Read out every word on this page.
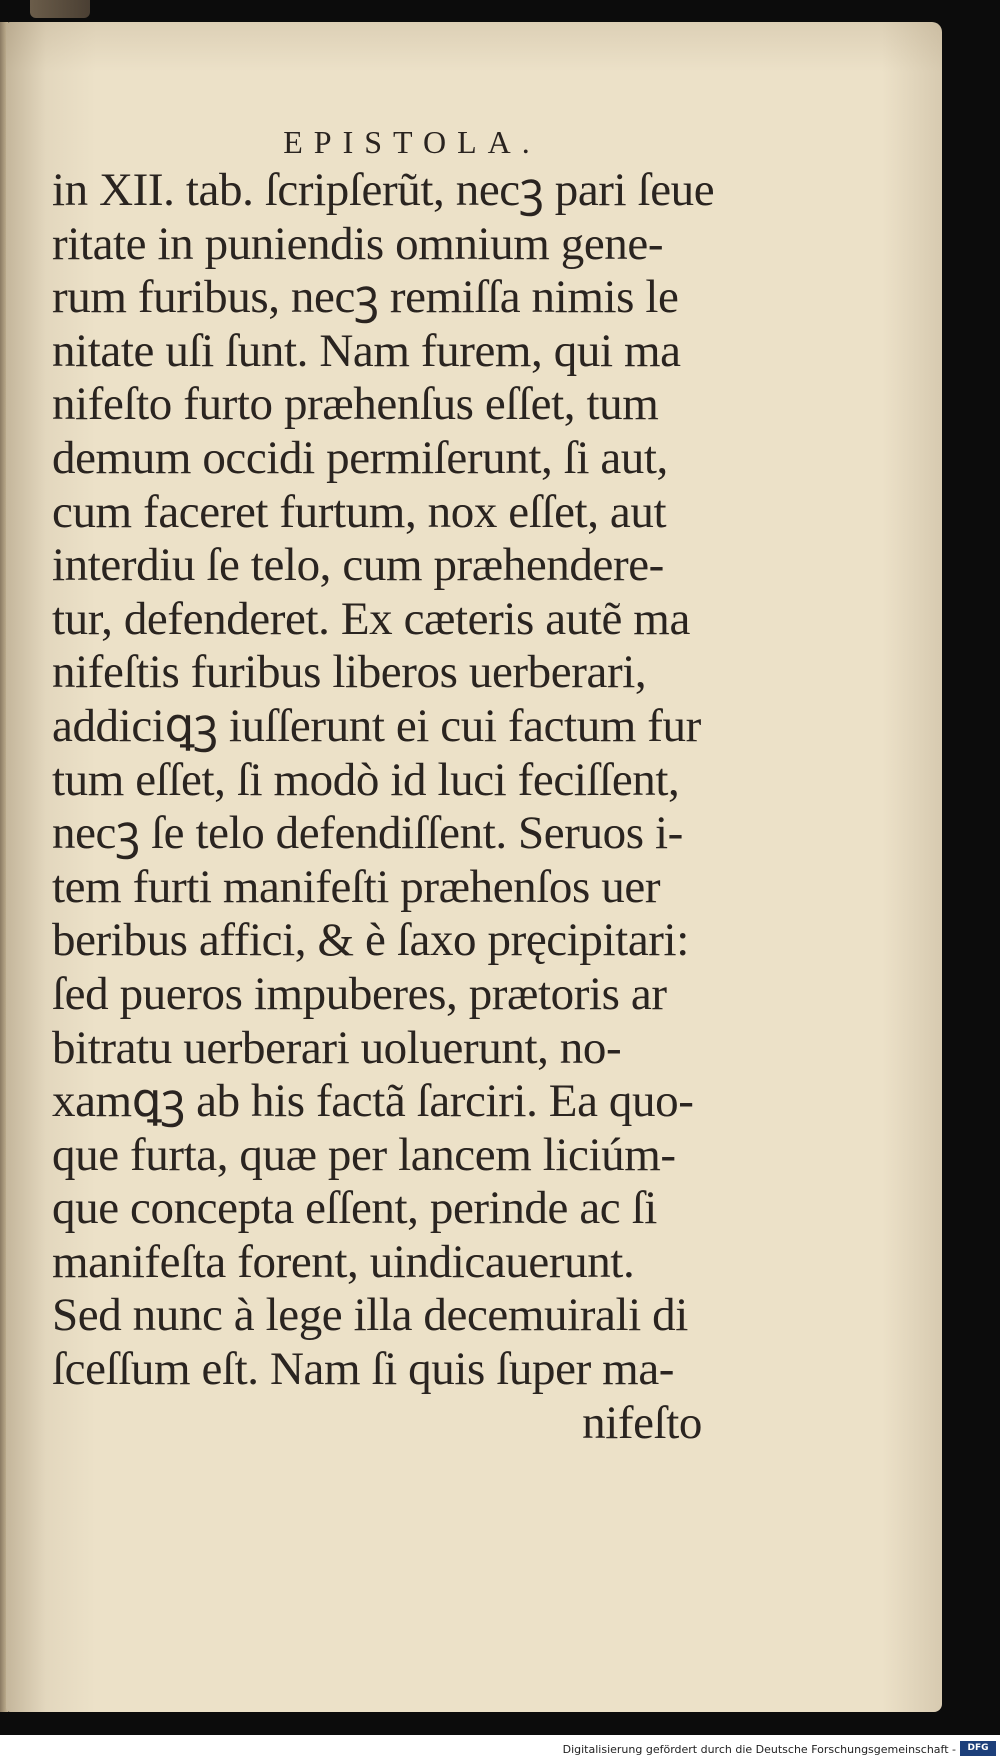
EPISTOLA.
in XII. tab. ſcripſerũt, necꝫ pari ſeue
ritate in puniendis omnium gene-
rum furibus, necꝫ remiſſa nimis le
nitate uſi ſunt. Nam furem, qui ma
nifeſto furto præhenſus eſſet, tum
demum occidi permiſerunt, ſi aut,
cum faceret furtum, nox eſſet, aut
interdiu ſe telo, cum præhendere-
tur, defenderet. Ex cæteris autẽ ma
nifeſtis furibus liberos uerberari,
addiciꝗꝫ iuſſerunt ei cui factum fur
tum eſſet, ſi modò id luci feciſſent,
necꝫ ſe telo defendiſſent. Seruos i-
tem furti manifeſti præhenſos uer
beribus affici, & è ſaxo pręcipitari:
ſed pueros impuberes, prætoris ar
bitratu uerberari uoluerunt, no-
xamꝗꝫ ab his factã ſarciri. Ea quo-
que furta, quæ per lancem liciúm-
que concepta eſſent, perinde ac ſi
manifeſta forent, uindicauerunt.
Sed nunc à lege illa decemuirali di
ſceſſum eſt. Nam ſi quis ſuper ma-
nifeſto
Digitalisierung gefördert durch die Deutsche Forschungsgemeinschaft -	DFG
